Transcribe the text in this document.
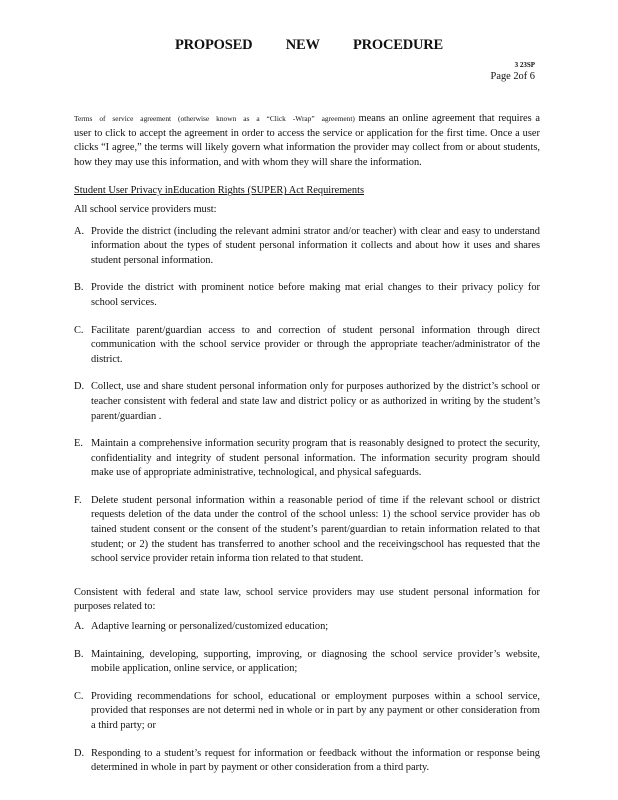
PROPOSED NEW PROCEDURE
3 23SP
Page 2of 6

Terms of service agreement (otherwise known as a “Click -Wrap” agreement) means an online agreement that requires a user to click to accept the agreement in order to access the service or application for the first time. Once a user clicks “I agree,” the terms will likely govern what information the provider may collect from or about students, how they may use this information, and with whom they will share the information.

Student User Privacy inEducation Rights (SUPER) Act Requirements

All school service providers must:

A. Provide the district (including the relevant admini strator and/or teacher) with clear and easy to understand information about the types of student personal information it collects and about how it uses and shares student personal information.
B. Provide the district with prominent notice before making mat erial changes to their privacy policy for school services.
C. Facilitate parent/guardian access to and correction of student personal information through direct communication with the school service provider or through the appropriate teacher/administrator of the district.
D. Collect, use and share student personal information only for purposes authorized by the district’s school or teacher consistent with federal and state law and district policy or as authorized in writing by the student’s parent/guardian .
E. Maintain a comprehensive information security program that is reasonably designed to protect the security, confidentiality and integrity of student personal information. The information security program should make use of appropriate administrative, technological, and physical safeguards.
F. Delete student personal information within a reasonable period of time if the relevant school or district requests deletion of the data under the control of the school unless: 1) the school service provider has ob tained student consent or the consent of the student’s parent/guardian to retain information related to that student; or 2) the student has transferred to another school and the receivingschool has requested that the school service provider retain informa tion related to that student.

Consistent with federal and state law, school service providers may use student personal information for purposes related to:

A. Adaptive learning or personalized/customized education;
B. Maintaining, developing, supporting, improving, or diagnosing the school service provider’s website, mobile application, online service, or application;
C. Providing recommendations for school, educational or employment purposes within a school service, provided that responses are not determi ned in whole or in part by any payment or other consideration from a third party; or
D. Responding to a student’s request for information or feedback without the information or response being determined in whole in part by payment or other consideration from a third party.
